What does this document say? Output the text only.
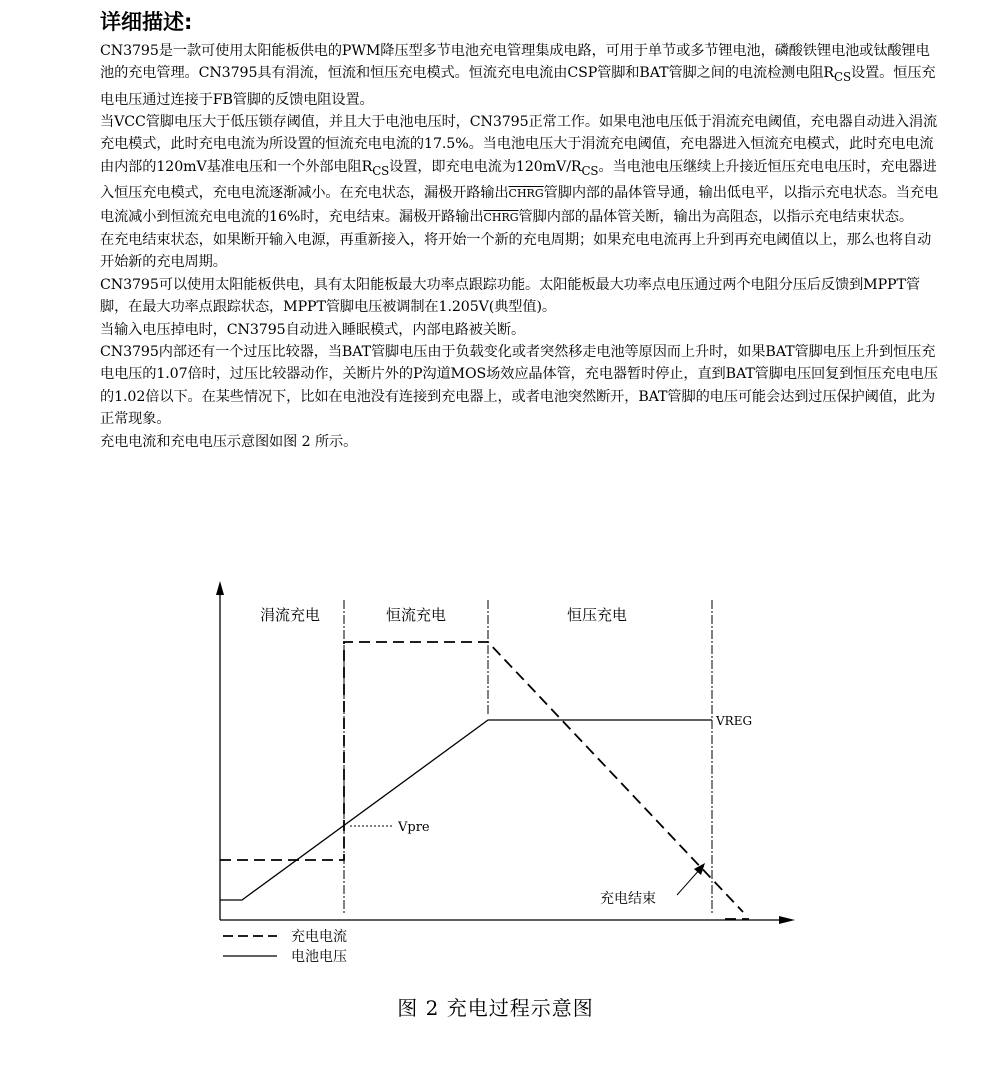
详细描述:

CN3795是一款可使用太阳能板供电的PWM降压型多节电池充电管理集成电路，可用于单节或多节锂电池，磷酸铁锂电池或钛酸锂电池的充电管理。CN3795具有涓流，恒流和恒压充电模式。恒流充电电流由CSP管脚和BAT管脚之间的电流检测电阻$R_{CS}$设置。恒压充电电压通过连接于FB管脚的反馈电阻设置。

当VCC管脚电压大于低压锁存阈值，并且大于电池电压时，CN3795正常工作。如果电池电压低于涓流充电阈值，充电器自动进入涓流充电模式，此时充电电流为所设置的恒流充电电流的17.5%。当电池电压大于涓流充电阈值，充电器进入恒流充电模式，此时充电电流由内部的120mV基准电压和一个外部电阻$R_{CS}$设置，即充电电流为$120mV/R_{CS}$。当电池电压继续上升接近恒压充电电压时，充电器进入恒压充电模式，充电电流逐渐减小。在充电状态，漏极开路输出CHRG管脚内部的晶体管导通，输出低电平，以指示充电状态。当充电电流减小到恒流充电电流的16%时，充电结束。漏极开路输出CHRG管脚内部的晶体管关断，输出为高阻态，以指示充电结束状态。

在充电结束状态，如果断开输入电源，再重新接入，将开始一个新的充电周期；如果充电电流再上升到再充电阈值以上，那么也将自动开始新的充电周期。

CN3795可以使用太阳能板供电，具有太阳能板最大功率点跟踪功能。太阳能板最大功率点电压通过两个电阻分压后反馈到MPPT管脚，在最大功率点跟踪状态，MPPT管脚电压被调制在1.205V(典型值)。

当输入电压掉电时，CN3795自动进入睡眠模式，内部电路被关断。

CN3795内部还有一个过压比较器，当BAT管脚电压由于负载变化或者突然移走电池等原因而上升时，如果BAT管脚电压上升到恒压充电电压的1.07倍时，过压比较器动作，关断片外的P沟道MOS场效应晶体管，充电器暂时停止，直到BAT管脚电压回复到恒压充电电压的1.02倍以下。在某些情况下，比如在电池没有连接到充电器上，或者电池突然断开，BAT管脚的电压可能会达到过压保护阈值，此为正常现象。

充电电流和充电电压示意图如图 2 所示。

涓流充电	恒流充电	恒压充电
VREG
Vpre
充电结束
充电电流
电池电压
图 2 充电过程示意图
